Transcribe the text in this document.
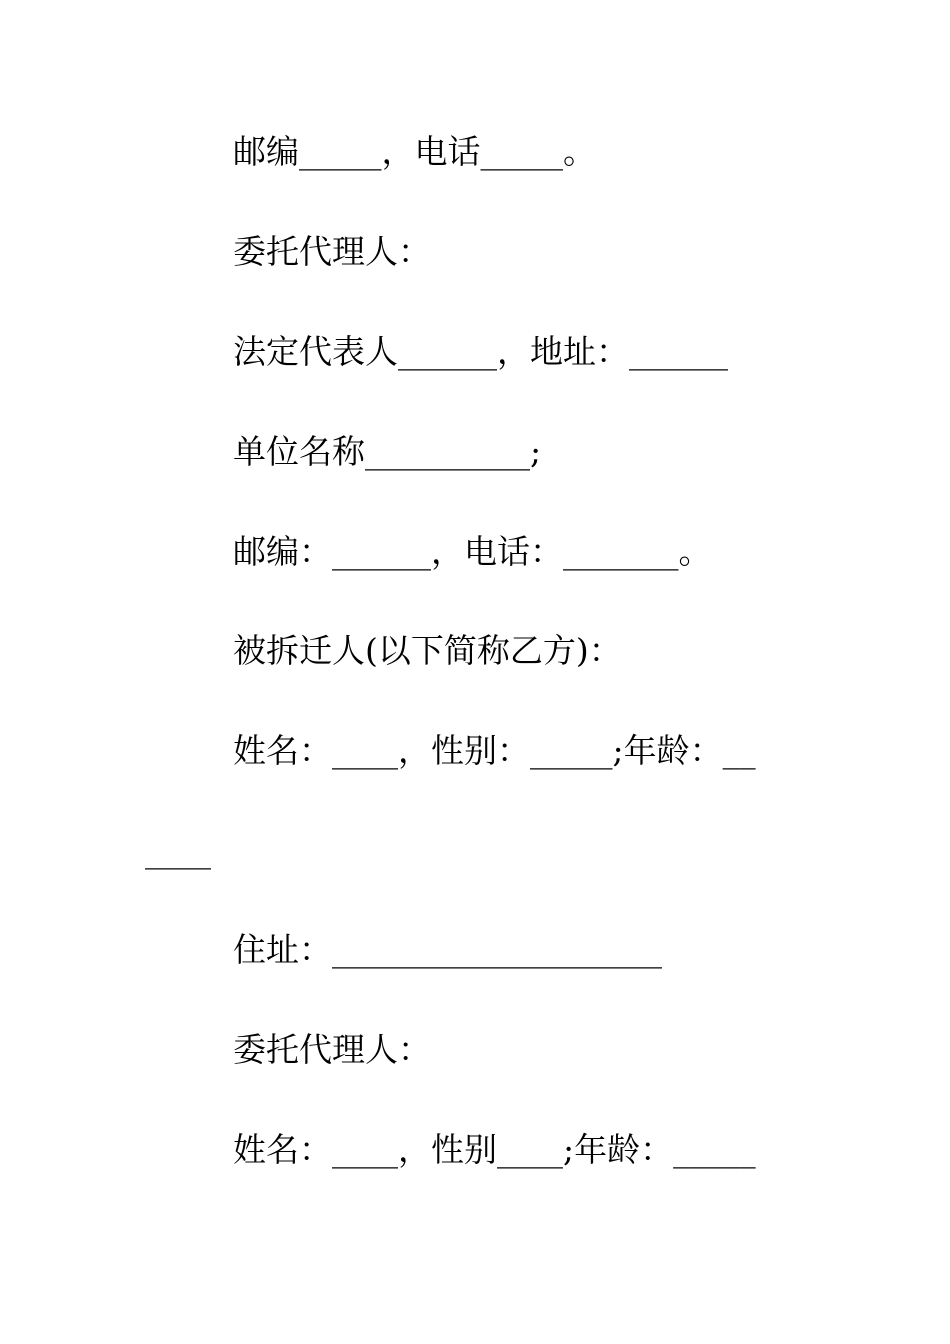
邮编_____，电话_____。
委托代理人：
法定代表人______，地址：______
单位名称__________;
邮编：______，电话：_______。
被拆迁人(以下简称乙方)：
姓名：____，性别：_____;年龄：__
____
住址：____________________
委托代理人：
姓名：____，性别____;年龄：_____
